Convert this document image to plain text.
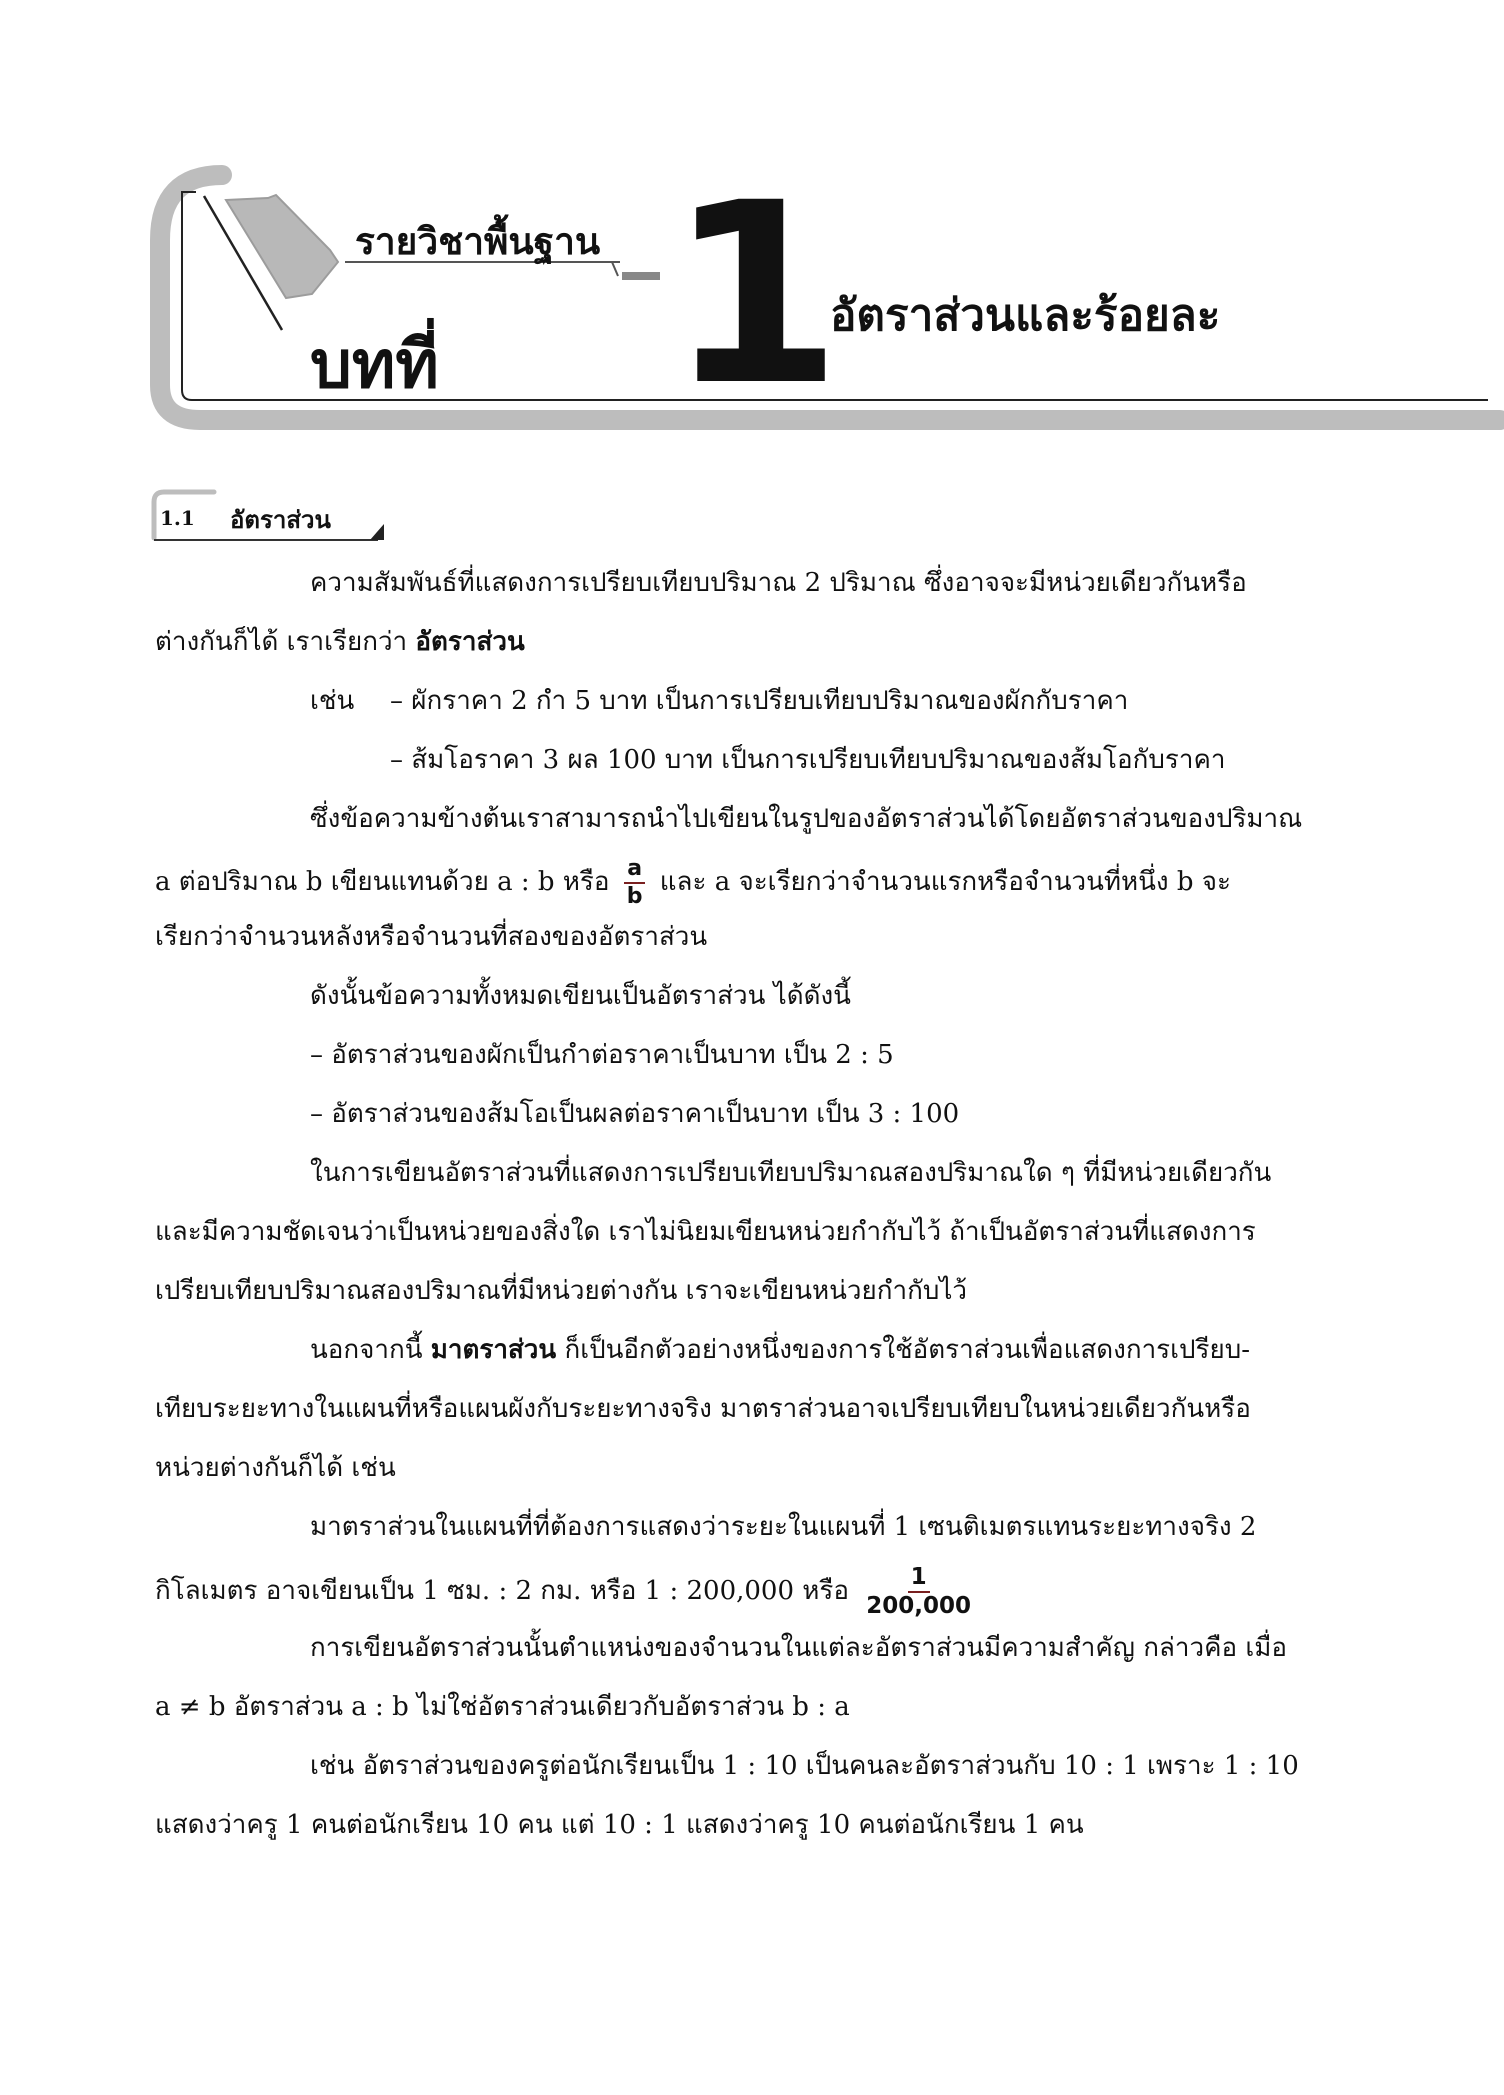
รายวิชาพื้นฐาน
บทที่ 1
อัตราส่วนและร้อยละ
1.1 อัตราส่วน
ความสัมพันธ์ที่แสดงการเปรียบเทียบปริมาณ 2 ปริมาณ ซึ่งอาจจะมีหน่วยเดียวกันหรือ
ต่างกันก็ได้ เราเรียกว่า อัตราส่วน
เช่น – ผักราคา 2 กำ 5 บาท เป็นการเปรียบเทียบปริมาณของผักกับราคา
– ส้มโอราคา 3 ผล 100 บาท เป็นการเปรียบเทียบปริมาณของส้มโอกับราคา
ซึ่งข้อความข้างต้นเราสามารถนำไปเขียนในรูปของอัตราส่วนได้โดยอัตราส่วนของปริมาณ
a ต่อปริมาณ b เขียนแทนด้วย a : b หรือ $\frac{a}{b}$ และ a จะเรียกว่าจำนวนแรกหรือจำนวนที่หนึ่ง b จะ
เรียกว่าจำนวนหลังหรือจำนวนที่สองของอัตราส่วน
ดังนั้นข้อความทั้งหมดเขียนเป็นอัตราส่วน ได้ดังนี้
– อัตราส่วนของผักเป็นกำต่อราคาเป็นบาท เป็น 2 : 5
– อัตราส่วนของส้มโอเป็นผลต่อราคาเป็นบาท เป็น 3 : 100
ในการเขียนอัตราส่วนที่แสดงการเปรียบเทียบปริมาณสองปริมาณใด ๆ ที่มีหน่วยเดียวกัน
และมีความชัดเจนว่าเป็นหน่วยของสิ่งใด เราไม่นิยมเขียนหน่วยกำกับไว้ ถ้าเป็นอัตราส่วนที่แสดงการ
เปรียบเทียบปริมาณสองปริมาณที่มีหน่วยต่างกัน เราจะเขียนหน่วยกำกับไว้
นอกจากนี้ มาตราส่วน ก็เป็นอีกตัวอย่างหนึ่งของการใช้อัตราส่วนเพื่อแสดงการเปรียบ-
เทียบระยะทางในแผนที่หรือแผนผังกับระยะทางจริง มาตราส่วนอาจเปรียบเทียบในหน่วยเดียวกันหรือ
หน่วยต่างกันก็ได้ เช่น
มาตราส่วนในแผนที่ที่ต้องการแสดงว่าระยะในแผนที่ 1 เซนติเมตรแทนระยะทางจริง 2
กิโลเมตร อาจเขียนเป็น 1 ซม. : 2 กม. หรือ 1 : 200,000 หรือ $\frac{1}{200,000}$
การเขียนอัตราส่วนนั้นตำแหน่งของจำนวนในแต่ละอัตราส่วนมีความสำคัญ กล่าวคือ เมื่อ
a ≠ b อัตราส่วน a : b ไม่ใช่อัตราส่วนเดียวกับอัตราส่วน b : a
เช่น อัตราส่วนของครูต่อนักเรียนเป็น 1 : 10 เป็นคนละอัตราส่วนกับ 10 : 1 เพราะ 1 : 10
แสดงว่าครู 1 คนต่อนักเรียน 10 คน แต่ 10 : 1 แสดงว่าครู 10 คนต่อนักเรียน 1 คน
